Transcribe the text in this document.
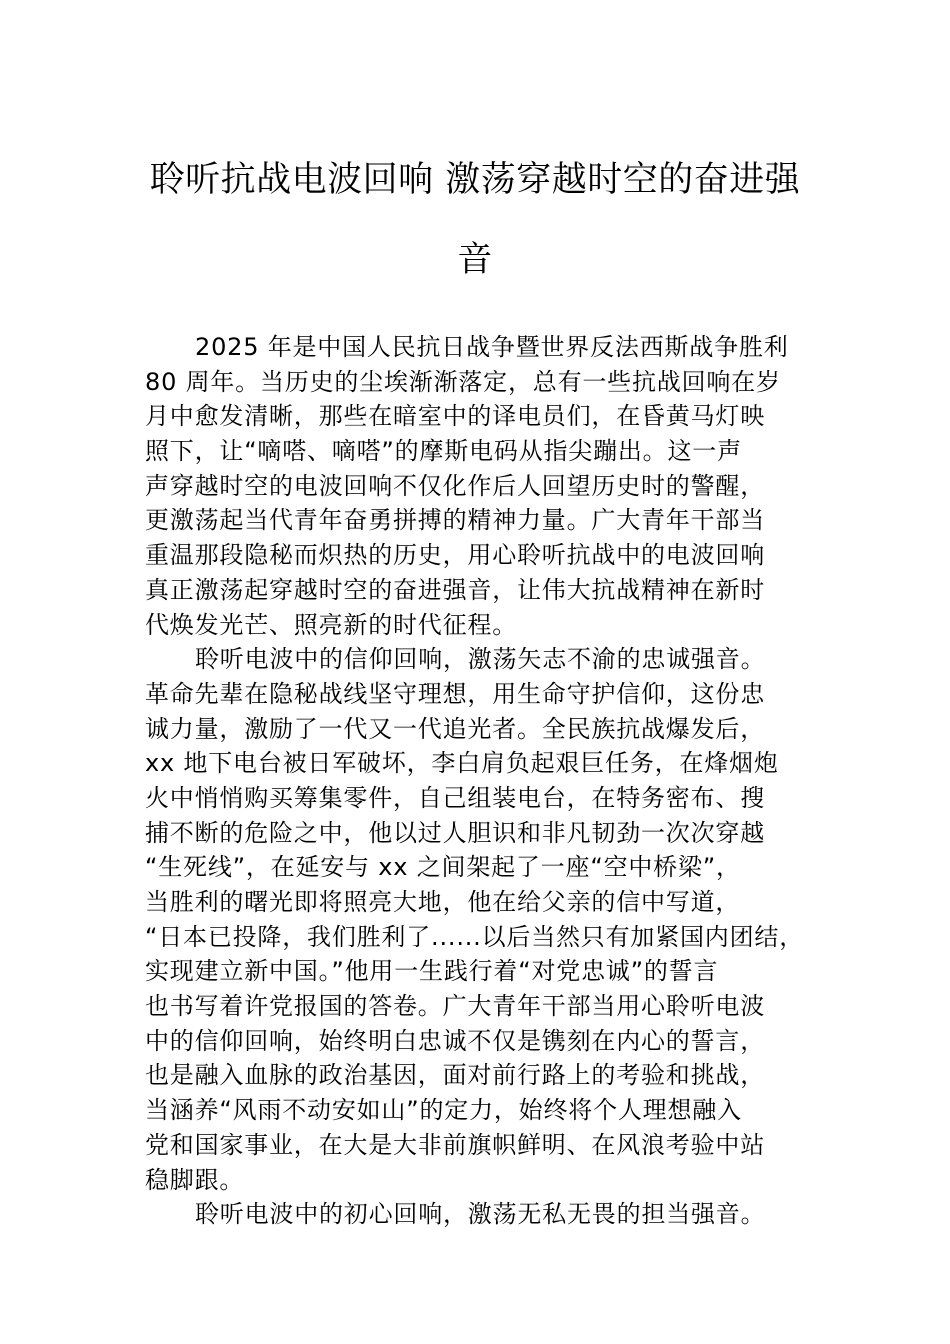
聆听抗战电波回响 激荡穿越时空的奋进强
音
2025 年是中国人民抗日战争暨世界反法西斯战争胜利
80 周年。当历史的尘埃渐渐落定，总有一些抗战回响在岁
月中愈发清晰，那些在暗室中的译电员们，在昏黄马灯映
照下，让“嘀嗒、嘀嗒”的摩斯电码从指尖蹦出。这一声
声穿越时空的电波回响不仅化作后人回望历史时的警醒，
更激荡起当代青年奋勇拼搏的精神力量。广大青年干部当
重温那段隐秘而炽热的历史，用心聆听抗战中的电波回响
真正激荡起穿越时空的奋进强音，让伟大抗战精神在新时
代焕发光芒、照亮新的时代征程。
聆听电波中的信仰回响，激荡矢志不渝的忠诚强音。
革命先辈在隐秘战线坚守理想，用生命守护信仰，这份忠
诚力量，激励了一代又一代追光者。全民族抗战爆发后，
xx 地下电台被日军破坏，李白肩负起艰巨任务，在烽烟炮
火中悄悄购买筹集零件，自己组装电台，在特务密布、搜
捕不断的危险之中，他以过人胆识和非凡韧劲一次次穿越
“生死线”，在延安与 xx 之间架起了一座“空中桥梁”，
当胜利的曙光即将照亮大地，他在给父亲的信中写道，
“日本已投降，我们胜利了......以后当然只有加紧国内团结，
实现建立新中国。”他用一生践行着“对党忠诚”的誓言
也书写着许党报国的答卷。广大青年干部当用心聆听电波
中的信仰回响，始终明白忠诚不仅是镌刻在内心的誓言，
也是融入血脉的政治基因，面对前行路上的考验和挑战，
当涵养“风雨不动安如山”的定力，始终将个人理想融入
党和国家事业，在大是大非前旗帜鲜明、在风浪考验中站
稳脚跟。
聆听电波中的初心回响，激荡无私无畏的担当强音。
